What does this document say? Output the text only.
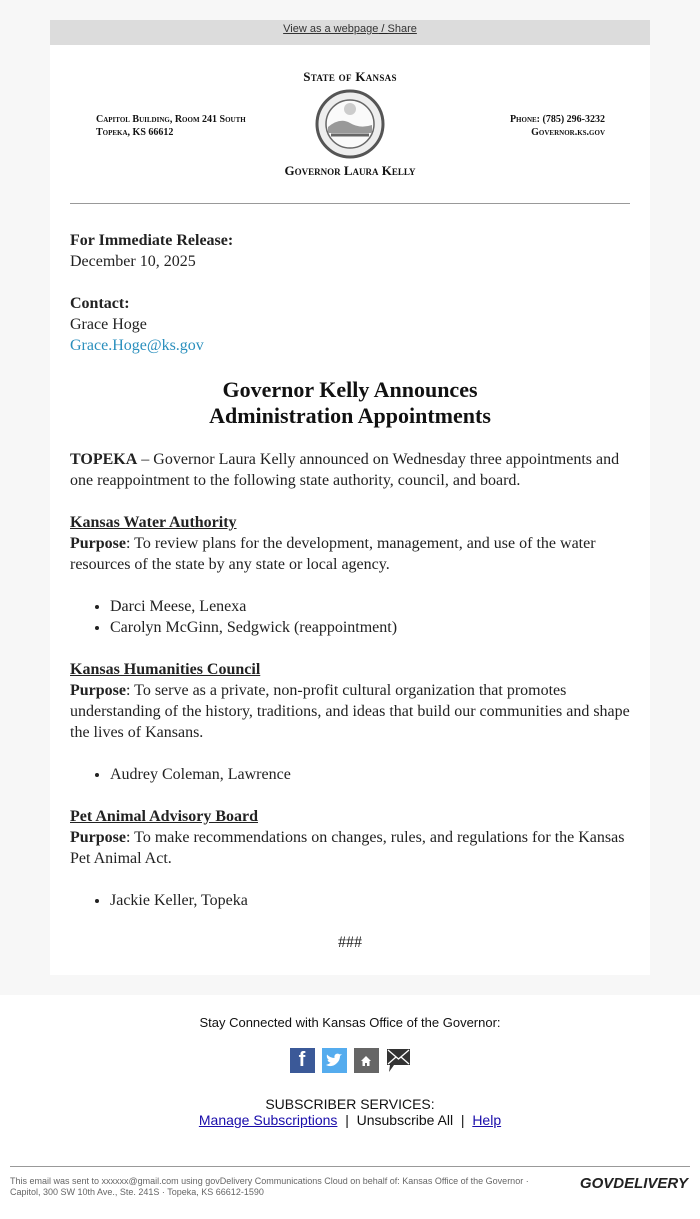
View as a webpage / Share
State of Kansas
Capitol Building, Room 241 South
Topeka, KS 66612
Phone: (785) 296-3232
Governor.ks.gov
Governor Laura Kelly

For Immediate Release:
December 10, 2025

Contact:
Grace Hoge
Grace.Hoge@ks.gov

Governor Kelly Announces
Administration Appointments

TOPEKA – Governor Laura Kelly announced on Wednesday three appointments and one reappointment to the following state authority, council, and board.

Kansas Water Authority

Purpose: To review plans for the development, management, and use of the water resources of the state by any state or local agency.

• Darci Meese, Lenexa
• Carolyn McGinn, Sedgwick (reappointment)
Kansas Humanities Council

Purpose: To serve as a private, non-profit cultural organization that promotes understanding of the history, traditions, and ideas that build our communities and shape the lives of Kansans.

• Audrey Coleman, Lawrence
Pet Animal Advisory Board

Purpose: To make recommendations on changes, rules, and regulations for the Kansas Pet Animal Act.

• Jackie Keller, Topeka
###
Stay Connected with Kansas Office of the Governor:
f
SUBSCRIBER SERVICES:
Manage Subscriptions | Unsubscribe All | Help
This email was sent to xxxxxx@gmail.com using govDelivery Communications Cloud on behalf of: Kansas Office of the Governor ·
Capitol, 300 SW 10th Ave., Ste. 241S · Topeka, KS 66612-1590	GOVDELIVERY
